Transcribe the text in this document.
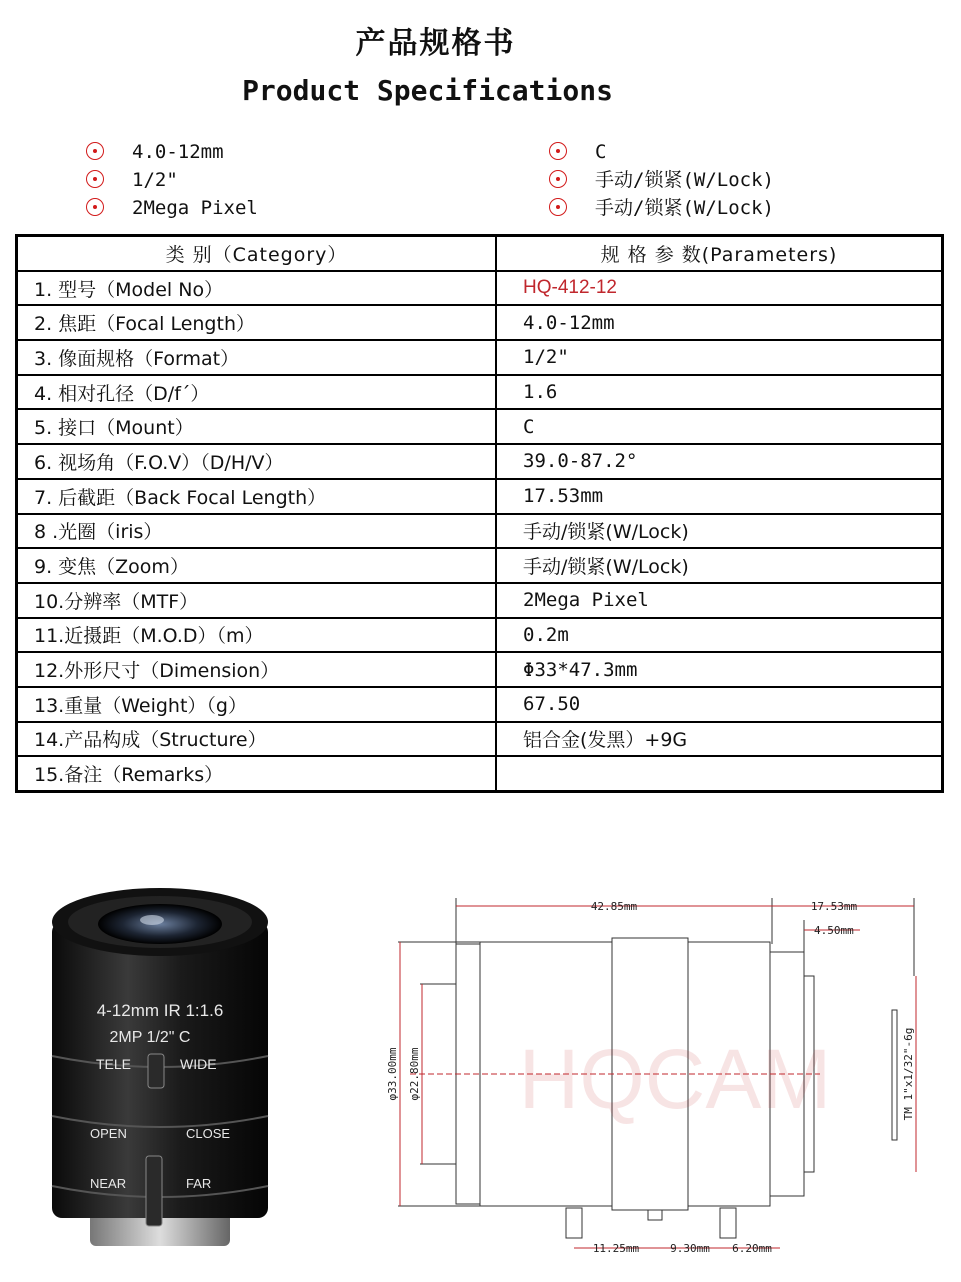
产品规格书
Product Specifications
4.0-12mm
1/2"
2Mega Pixel
C
手动/锁紧(W/Lock)
手动/锁紧(W/Lock)
类 别（Category）	规 格 参 数(Parameters)
1. 型号（Model No）	HQ-412-12
2. 焦距（Focal Length）	4.0-12mm
3. 像面规格（Format）	1/2"
4. 相对孔径（D/f´）	1.6
5. 接口（Mount）	C
6. 视场角（F.O.V）（D/H/V）	39.0-87.2°
7. 后截距（Back Focal Length）	17.53mm
8 .光圈（iris）	手动/锁紧(W/Lock)
9. 变焦（Zoom）	手动/锁紧(W/Lock)
10.分辨率（MTF）	2Mega Pixel
11.近摄距（M.O.D）（m）	0.2m
12.外形尺寸（Dimension）	Φ33*47.3mm
13.重量（Weight）（g）	67.50
14.产品构成（Structure）	铝合金(发黑）+9G
15.备注（Remarks）	
4-12mm IR 1:1.6
2MP 1/2" C
TELE	WIDE
OPEN	CLOSE
NEAR	FAR
HQCAM
42.85mm	17.53mm
4.50mm
φ33.00mm φ22.80mm	TM 1"x1/32"-6g
11.25mm	9.30mm 6.20mm
